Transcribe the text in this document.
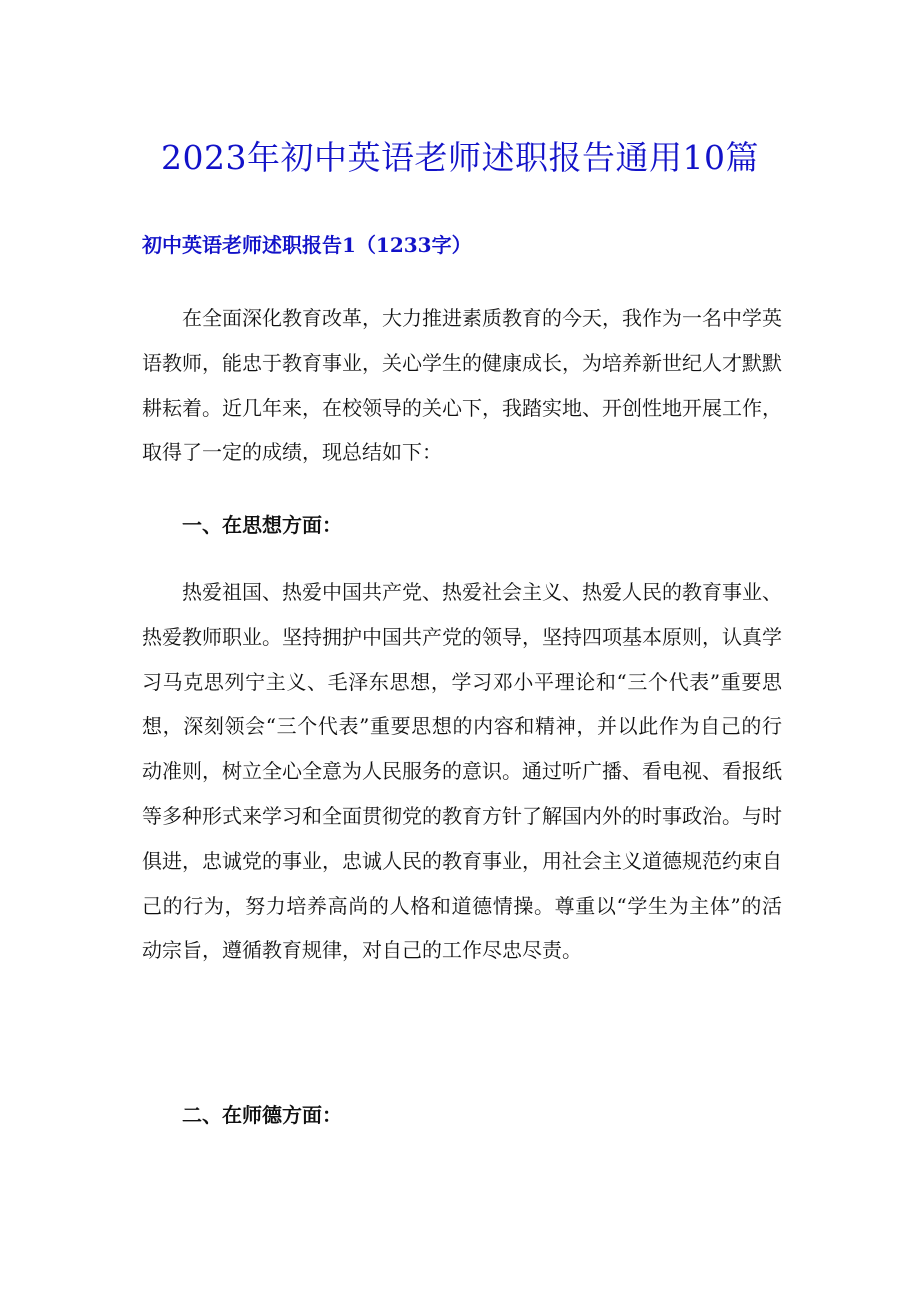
2023年初中英语老师述职报告通用10篇
初中英语老师述职报告1（1233字）

在全面深化教育改革，大力推进素质教育的今天，我作为一名中学英语教师，能忠于教育事业，关心学生的健康成长，为培养新世纪人才默默耕耘着。近几年来，在校领导的关心下，我踏实地、开创性地开展工作，取得了一定的成绩，现总结如下：

一、在思想方面：

热爱祖国、热爱中国共产党、热爱社会主义、热爱人民的教育事业、热爱教师职业。坚持拥护中国共产党的领导，坚持四项基本原则，认真学习马克思列宁主义、毛泽东思想，学习邓小平理论和“三个代表”重要思想，深刻领会“三个代表”重要思想的内容和精神，并以此作为自己的行动准则，树立全心全意为人民服务的意识。通过听广播、看电视、看报纸等多种形式来学习和全面贯彻党的教育方针了解国内外的时事政治。与时俱进，忠诚党的事业，忠诚人民的教育事业，用社会主义道德规范约束自己的行为，努力培养高尚的人格和道德情操。尊重以“学生为主体”的活动宗旨，遵循教育规律，对自己的工作尽忠尽责。

二、在师德方面：
